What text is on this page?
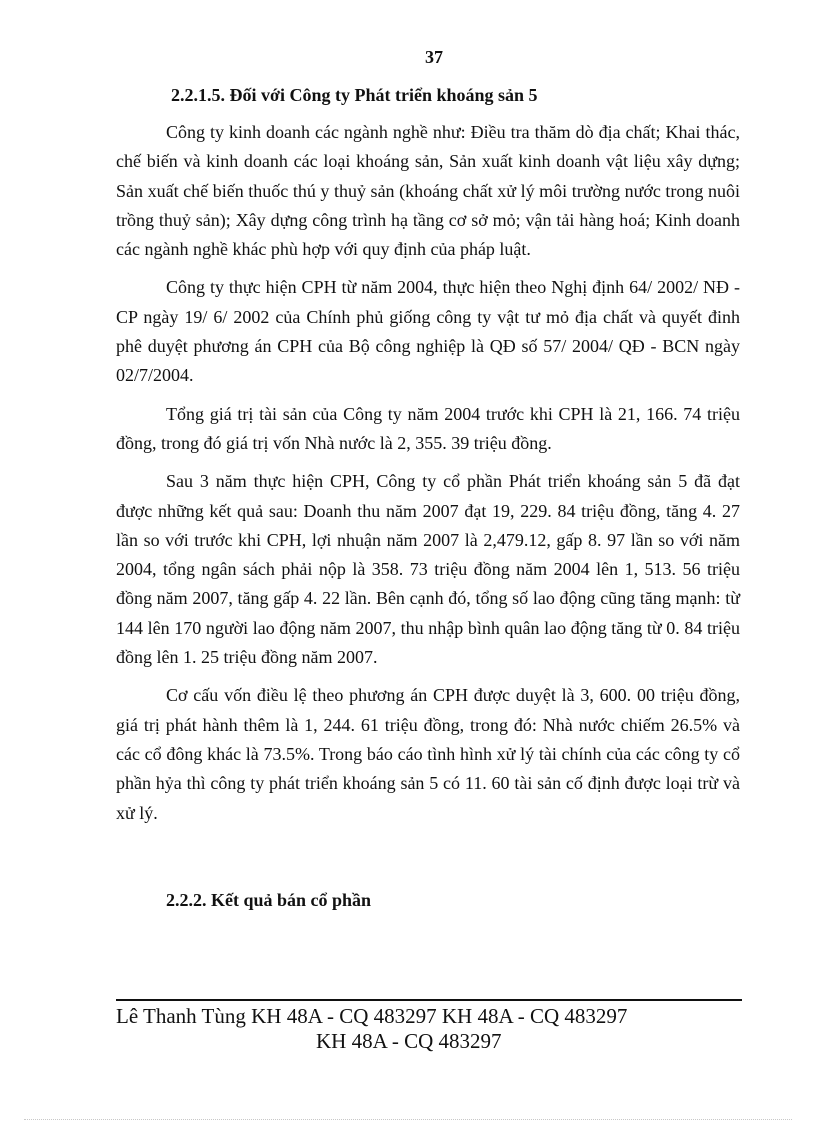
37
2.2.1.5. Đối với Công ty Phát triển khoáng sản 5

Công ty kinh doanh các ngành nghề như: Điều tra thăm dò địa chất; Khai thác, chế biến và kinh doanh các loại khoáng sản, Sản xuất kinh doanh vật liệu xây dựng; Sản xuất chế biến thuốc thú y thuỷ sản (khoáng chất xử lý môi trường nước trong nuôi trồng thuỷ sản); Xây dựng công trình hạ tầng cơ sở mỏ; vận tải hàng hoá; Kinh doanh các ngành nghề khác phù hợp với quy định của pháp luật.

Công ty thực hiện CPH từ năm 2004, thực hiện theo Nghị định 64/ 2002/ NĐ - CP ngày 19/ 6/ 2002 của Chính phủ giống công ty vật tư mỏ địa chất và quyết đinh phê duyệt phương án CPH của Bộ công nghiệp là QĐ số 57/ 2004/ QĐ - BCN ngày 02/7/2004.

Tổng giá trị tài sản của Công ty năm 2004 trước khi CPH là 21, 166. 74 triệu đồng, trong đó giá trị vốn Nhà nước là 2, 355. 39 triệu đồng.

Sau 3 năm thực hiện CPH, Công ty cổ phần Phát triển khoáng sản 5 đã đạt được những kết quả sau: Doanh thu năm 2007 đạt 19, 229. 84 triệu đồng, tăng 4. 27 lần so với trước khi CPH, lợi nhuận năm 2007 là 2,479.12, gấp 8. 97 lần so với năm 2004, tổng ngân sách phải nộp là 358. 73 triệu đồng năm 2004 lên 1, 513. 56 triệu đồng năm 2007, tăng gấp 4. 22 lần. Bên cạnh đó, tổng số lao động cũng tăng mạnh: từ 144 lên 170 người lao động năm 2007, thu nhập bình quân lao động tăng từ 0. 84 triệu đồng lên 1. 25 triệu đồng năm 2007.

Cơ cấu vốn điều lệ theo phương án CPH được duyệt là 3, 600. 00 triệu đồng, giá trị phát hành thêm là 1, 244. 61 triệu đồng, trong đó: Nhà nước chiếm 26.5% và các cổ đông khác là 73.5%. Trong báo cáo tình hình xử lý tài chính của các công ty cổ phần hỷa thì công ty phát triển khoáng sản 5 có 11. 60 tài sản cố định được loại trừ và xử lý.

2.2.2. Kết quả bán cổ phần
Lê Thanh Tùng KH 48A - CQ 483297 KH 48A - CQ 483297
KH 48A - CQ 483297
